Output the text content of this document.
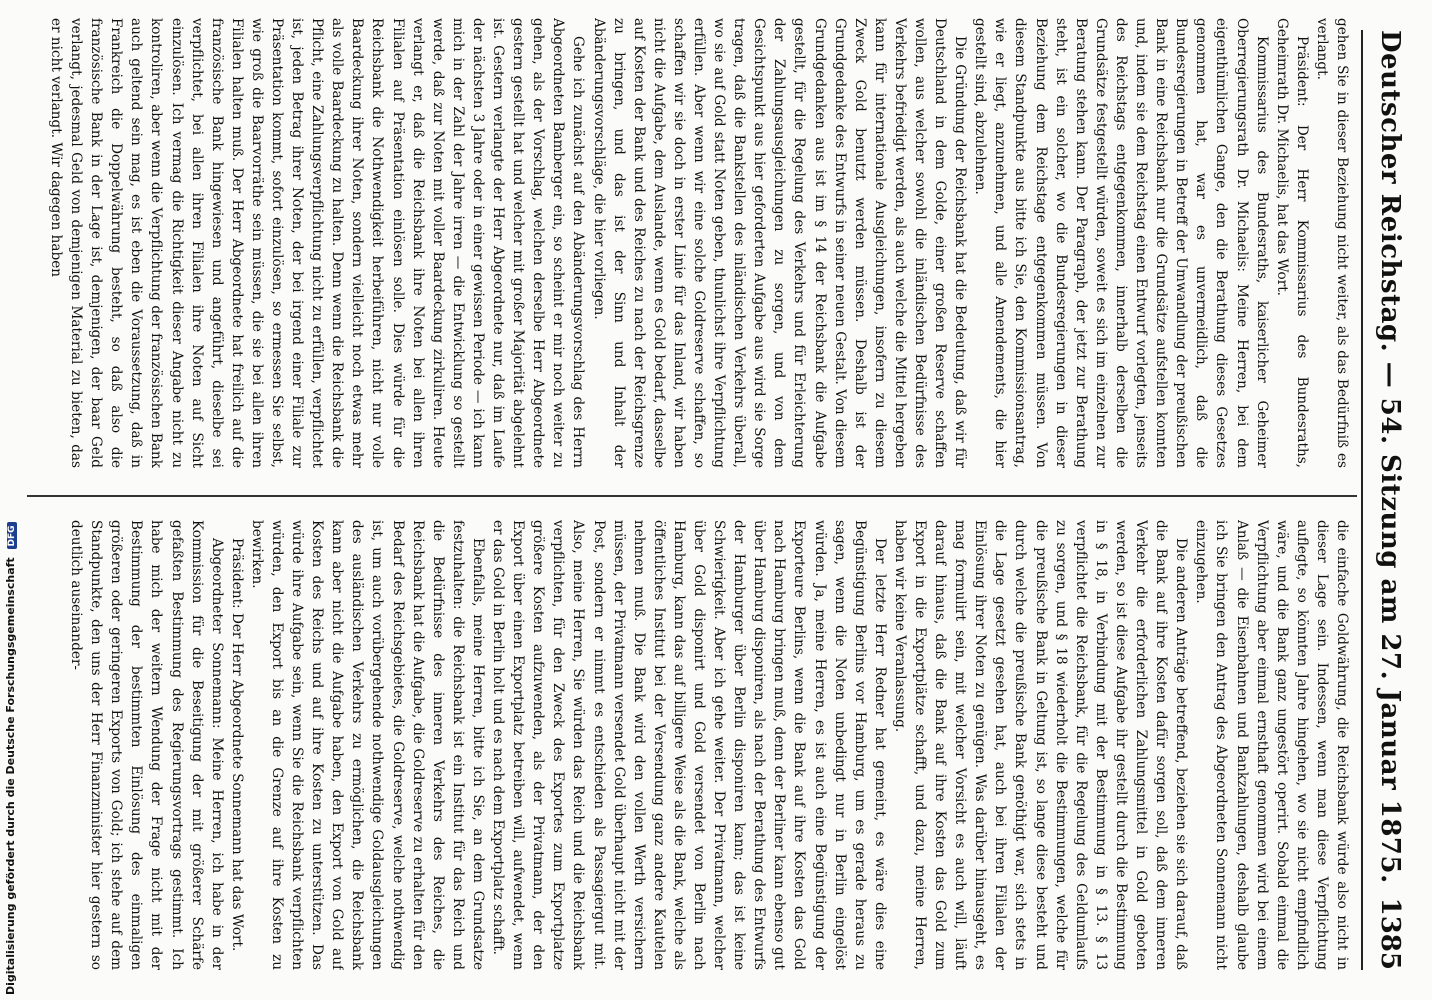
Deutscher Reichstag. — 54. Sitzung am 27. Januar 1875.
1385

gehen Sie in dieser Beziehung nicht weiter, als das Bedürfniß es verlangt.

Präsident: Der Herr Kommissarius des Bundesraths, Geheimrath Dr. Michaelis, hat das Wort.

Kommissarius des Bundesraths, kaiserlicher Geheimer Oberregierungsrath Dr. Michaelis: Meine Herren, bei dem eigenthümlichen Gange, den die Berathung dieses Gesetzes genommen hat, war es unvermeidlich, daß die Bundesregierungen in Betreff der Umwandlung der preußischen Bank in eine Reichsbank nur die Grundsätze aufstellen konnten und, indem sie dem Reichstag einen Entwurf vorlegten, jenseits des Reichstags entgegenkommen, innerhalb derselben die Grundsätze festgestellt würden, soweit es sich im einzelnen zur Beratung stehen kann. Der Paragraph, der jetzt zur Berathung steht, ist ein solcher, wo die Bundesregierungen in dieser Beziehung dem Reichstage entgegenkommen müssen. Von diesem Standpunkte aus bitte ich Sie, den Kommissionsantrag, wie er liegt, anzunehmen, und alle Amendements, die hier gestellt sind, abzulehnen.

Die Gründung der Reichsbank hat die Bedeutung, daß wir für Deutschland in dem Golde, einer großen Reserve schaffen wollen, aus welcher sowohl die inländischen Bedürfnisse des Verkehrs befriedigt werden, als auch welche die Mittel hergeben kann für internationale Ausgleichungen, insofern zu diesem Zweck Gold benutzt werden müssen. Deshalb ist der Grundgedanke des Entwurfs in seiner neuen Gestalt. Von diesem Grundgedanken aus ist im § 14 der Reichsbank die Aufgabe gestellt, für die Regelung des Verkehrs und für Erleichterung der Zahlungsausgleichungen zu sorgen, und von dem Gesichtspunkt aus hier geforderten Aufgabe aus wird sie Sorge tragen, daß die Bankstellen des inländischen Verkehrs überall, wo sie auf Gold statt Noten geben, thunlichst ihre Verpflichtung erfüllen. Aber wenn wir eine solche Goldreserve schaffen, so schaffen wir sie doch in erster Linie für das Inland, wir haben nicht die Aufgabe, dem Auslande, wenn es Gold bedarf, dasselbe auf Kosten der Bank und des Reiches zu nach der Reichsgrenze zu bringen, und das ist der Sinn und Inhalt der Abänderungsvorschläge, die hier vorliegen.

Gehe ich zunächst auf den Abänderungsvorschlag des Herrn Abgeordneten Bamberger ein, so scheint er mir noch weiter zu gehen, als der Vorschlag, welchen derselbe Herr Abgeordnete gestern gestellt hat und welcher mit großer Majorität abgelehnt ist. Gestern verlangte der Herr Abgeordnete nur, daß im Laufe der nächsten 3 Jahre oder in einer gewissen Periode — ich kann mich in der Zahl der Jahre irren — die Entwicklung so gestellt werde, daß zur Noten mit voller Baardeckung zirkuliren. Heute verlangt er, daß die Reichsbank ihre Noten bei allen ihren Filialen auf Präsentation einlösen solle. Dies würde für die Reichsbank die Nothwendigkeit herbeiführen, nicht nur volle Baardeckung ihrer Noten, sondern vielleicht noch etwas mehr als volle Baardeckung zu halten. Denn wenn die Reichsbank die Pflicht, eine Zahlungsverpflichtung nicht zu erfüllen, verpflichtet ist, jeden Betrag ihrer Noten, der bei irgend einer Filiale zur Präsentation kommt, sofort einzulösen, so ermessen Sie selbst, wie groß die Baarvorräthe sein müssen, die sie bei allen ihren Filialen halten muß. Der Herr Abgeordnete hat freilich auf die französische Bank hingewiesen und angeführt, dieselbe sei verpflichtet, bei allen ihren Filialen ihre Noten auf Sicht einzulösen. Ich vermag die Richtigkeit dieser Angabe nicht zu kontroliren, aber wenn die Verpflichtung der französischen Bank auch geltend sein mag, es ist eben die Voraussetzung, daß in Frankreich die Doppelwährung besteht, so daß also die französische Bank in der Lage ist, demjenigen, der baar Geld verlangt, jedesmal Geld von demjenigen Material zu bieten, das er nicht verlangt. Wir dagegen haben

die einfache Goldwährung, die Reichsbank würde also nicht in dieser Lage sein. Indessen, wenn man diese Verpflichtung auflegte, so könnten Jahre hingehen, wo sie nicht empfindlich wäre, und die Bank ganz ungestört operirt. Sobald einmal die Verpflichtung aber einmal ernsthaft genommen wird bei einem Anlaß — die Eisenbahnen und Bankzahlungen, deshalb glaube ich Sie bringen den Antrag des Abgeordneten Sonnemann nicht einzugehen.

Die anderen Anträge betreffend, beziehen sie sich darauf, daß die Bank auf ihre Kosten dafür sorgen soll, daß dem inneren Verkehr die erforderlichen Zahlungsmittel in Gold geboten werden, so ist diese Aufgabe ihr gestellt durch die Bestimmung in § 18, in Verbindung mit der Bestimmung in § 13. § 13 verpflichtet die Reichsbank, für die Regelung des Geldumlaufs zu sorgen, und § 18 wiederholt die Bestimmungen, welche für die preußische Bank in Geltung ist, so lange diese besteht und durch welche die preußische Bank genöthigt war, sich stets in die Lage gesetzt gesehen hat, auch bei ihren Filialen der Einlösung ihrer Noten zu genügen. Was darüber hinausgeht, es mag formulirt sein, mit welcher Vorsicht es auch will, läuft darauf hinaus, daß die Bank auf ihre Kosten das Gold zum Export in die Exportplätze schafft, und dazu, meine Herren, haben wir keine Veranlassung.

Der letzte Herr Redner hat gemeint, es wäre dies eine Begünstigung Berlins vor Hamburg, um es gerade heraus zu sagen, wenn die Noten unbedingt nur in Berlin eingelöst würden. Ja, meine Herren, es ist auch eine Begünstigung der Exporteure Berlins, wenn die Bank auf ihre Kosten das Gold nach Hamburg bringen muß, denn der Berliner kann ebenso gut über Hamburg disponiren, als nach der Berathung des Entwurfs der Hamburger über Berlin disponiren kann; das ist keine Schwierigkeit. Aber ich gehe weiter. Der Privatmann, welcher über Gold disponirt und Gold versendet von Berlin nach Hamburg, kann das auf billigere Weise als die Bank, welche als öffentliches Institut bei der Versendung ganz andere Kautelen nehmen muß. Die Bank wird den vollen Werth versichern müssen, der Privatmann versendet Gold überhaupt nicht mit der Post, sondern er nimmt es entschieden als Passagiergut mit. Also, meine Herren, Sie würden das Reich und die Reichsbank verpflichten, für den Zweck des Exportes zum Exportplatze größere Kosten aufzuwenden, als der Privatmann, der den Export über einen Exportplatz betreiben will, aufwendet, wenn er das Gold in Berlin holt und es nach dem Exportplatz schafft.

Ebenfalls, meine Herren, bitte ich Sie, an dem Grundsatze festzuhalten: die Reichsbank ist ein Institut für das Reich und die Bedürfnisse des inneren Verkehrs des Reiches, die Reichsbank hat die Aufgabe, die Goldreserve zu erhalten für den Bedarf des Reichsgebietes, die Goldreserve, welche nothwendig ist, um auch vorübergehende nothwendige Goldausgleichungen des ausländischen Verkehrs zu ermöglichen, die Reichsbank kann aber nicht die Aufgabe haben, den Export von Gold auf Kosten des Reichs und auf ihre Kosten zu unterstützen. Das würde ihre Aufgabe sein, wenn Sie die Reichsbank verpflichten würden, den Export bis an die Grenze auf ihre Kosten zu bewirken.

Präsident: Der Herr Abgeordnete Sonnemann hat das Wort.

Abgeordneter Sonnemann: Meine Herren, ich habe in der Kommission für die Beseitigung der mit größerer Schärfe gefaßten Bestimmung des Regierungsvortrags gestimmt. Ich habe mich der weitern Wendung der Frage nicht mit der Bestimmung der bestimmten Einlösung des einmaligen größeren oder geringeren Exports von Gold; ich stehe auf dem Standpunkte, den uns der Herr Finanzminister hier gestern so deutlich auseinander-

Digitalisierung gefördert durch die Deutsche Forschungsgemeinschaft DFG
